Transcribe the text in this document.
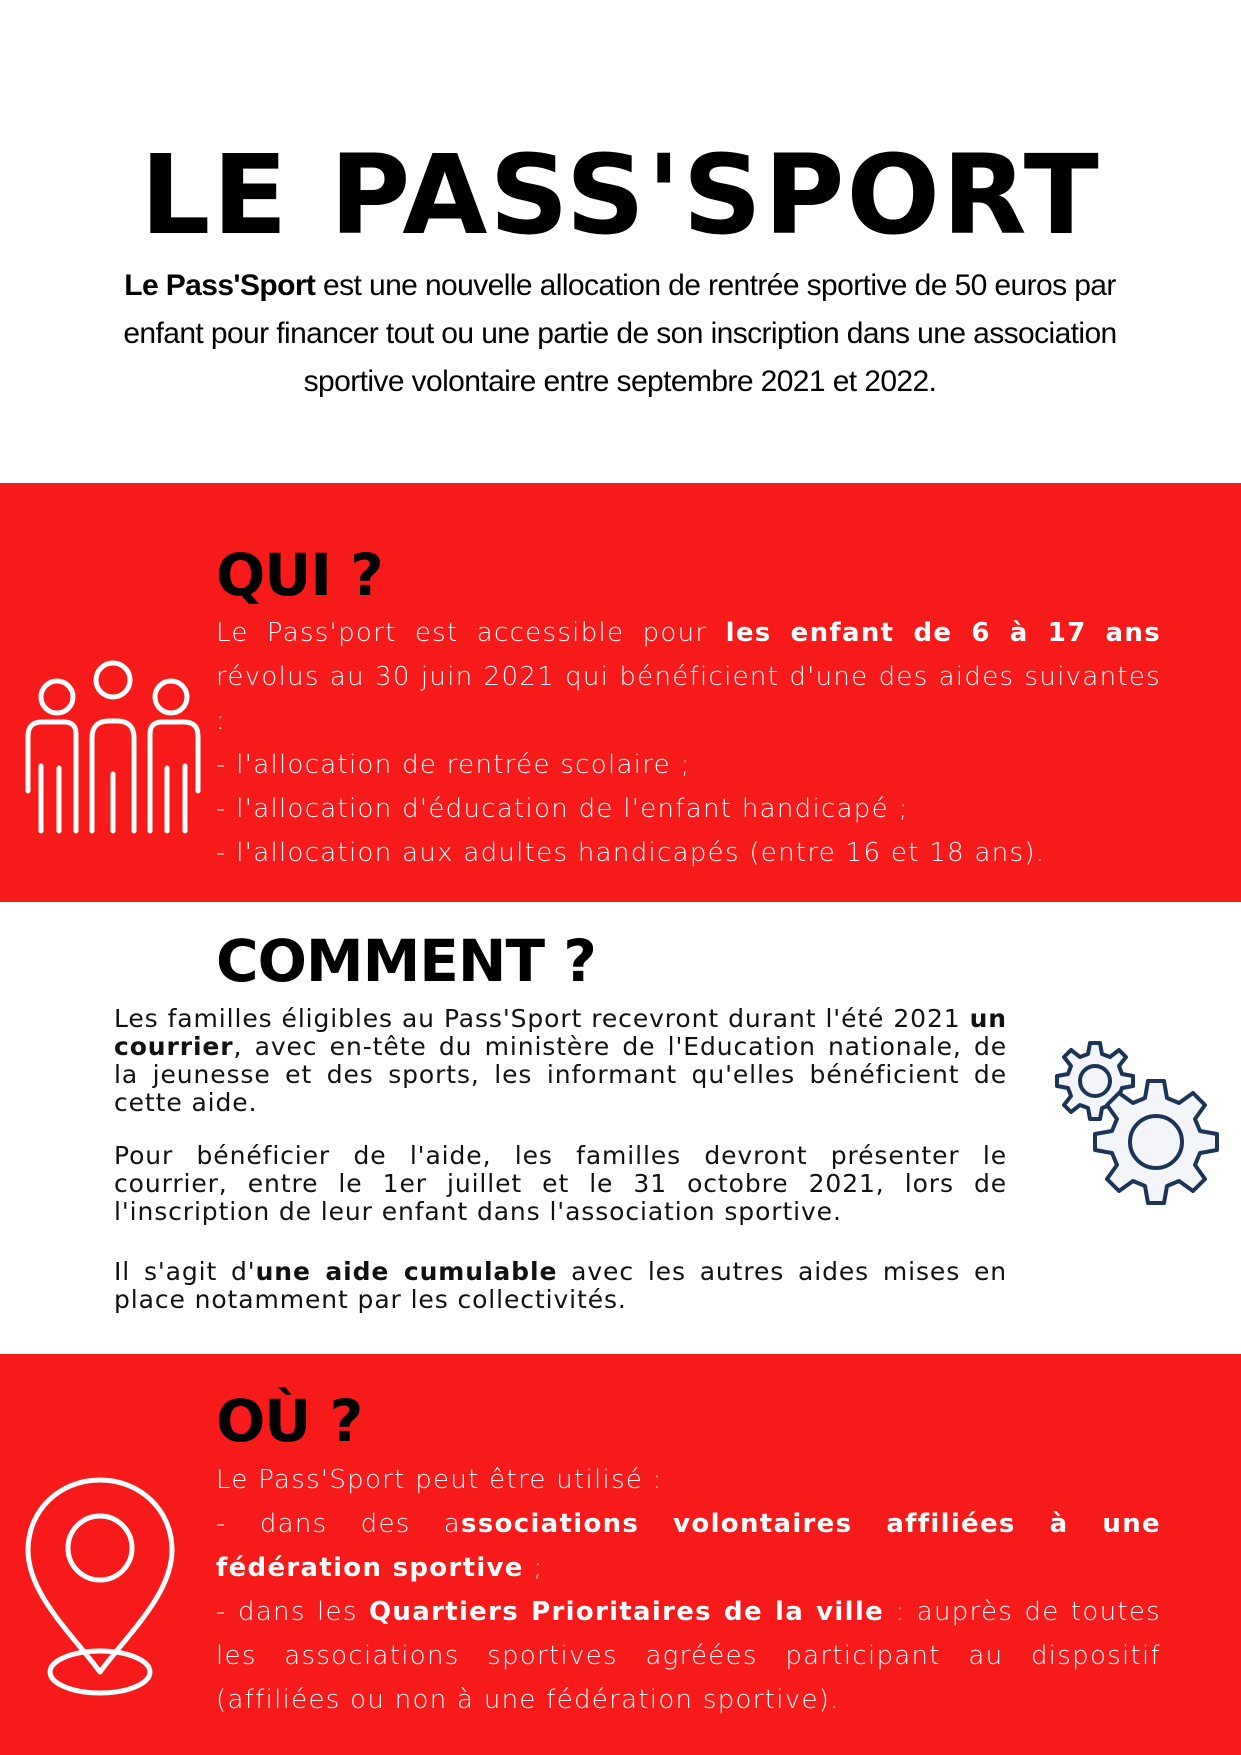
LE PASS'SPORT

Le Pass'Sport est une nouvelle allocation de rentrée sportive de 50 euros par enfant pour financer tout ou une partie de son inscription dans une association sportive volontaire entre septembre 2021 et 2022.

QUI ?

Le Pass'port est accessible pour les enfant de 6 à 17 ans révolus au 30 juin 2021 qui bénéficient d'une des aides suivantes :
- l'allocation de rentrée scolaire ;
- l'allocation d'éducation de l'enfant handicapé ;
- l'allocation aux adultes handicapés (entre 16 et 18 ans).

COMMENT ?

Les familles éligibles au Pass'Sport recevront durant l'été 2021 un courrier, avec en-tête du ministère de l'Education nationale, de la jeunesse et des sports, les informant qu'elles bénéficient de cette aide.

Pour bénéficier de l'aide, les familles devront présenter le courrier, entre le 1er juillet et le 31 octobre 2021, lors de l'inscription de leur enfant dans l'association sportive.

Il s'agit d'une aide cumulable avec les autres aides mises en place notamment par les collectivités.

OÙ ?

Le Pass'Sport peut être utilisé :
- dans des associations volontaires affiliées à une fédération sportive ;
- dans les Quartiers Prioritaires de la ville : auprès de toutes les associations sportives agréées participant au dispositif (affiliées ou non à une fédération sportive).
